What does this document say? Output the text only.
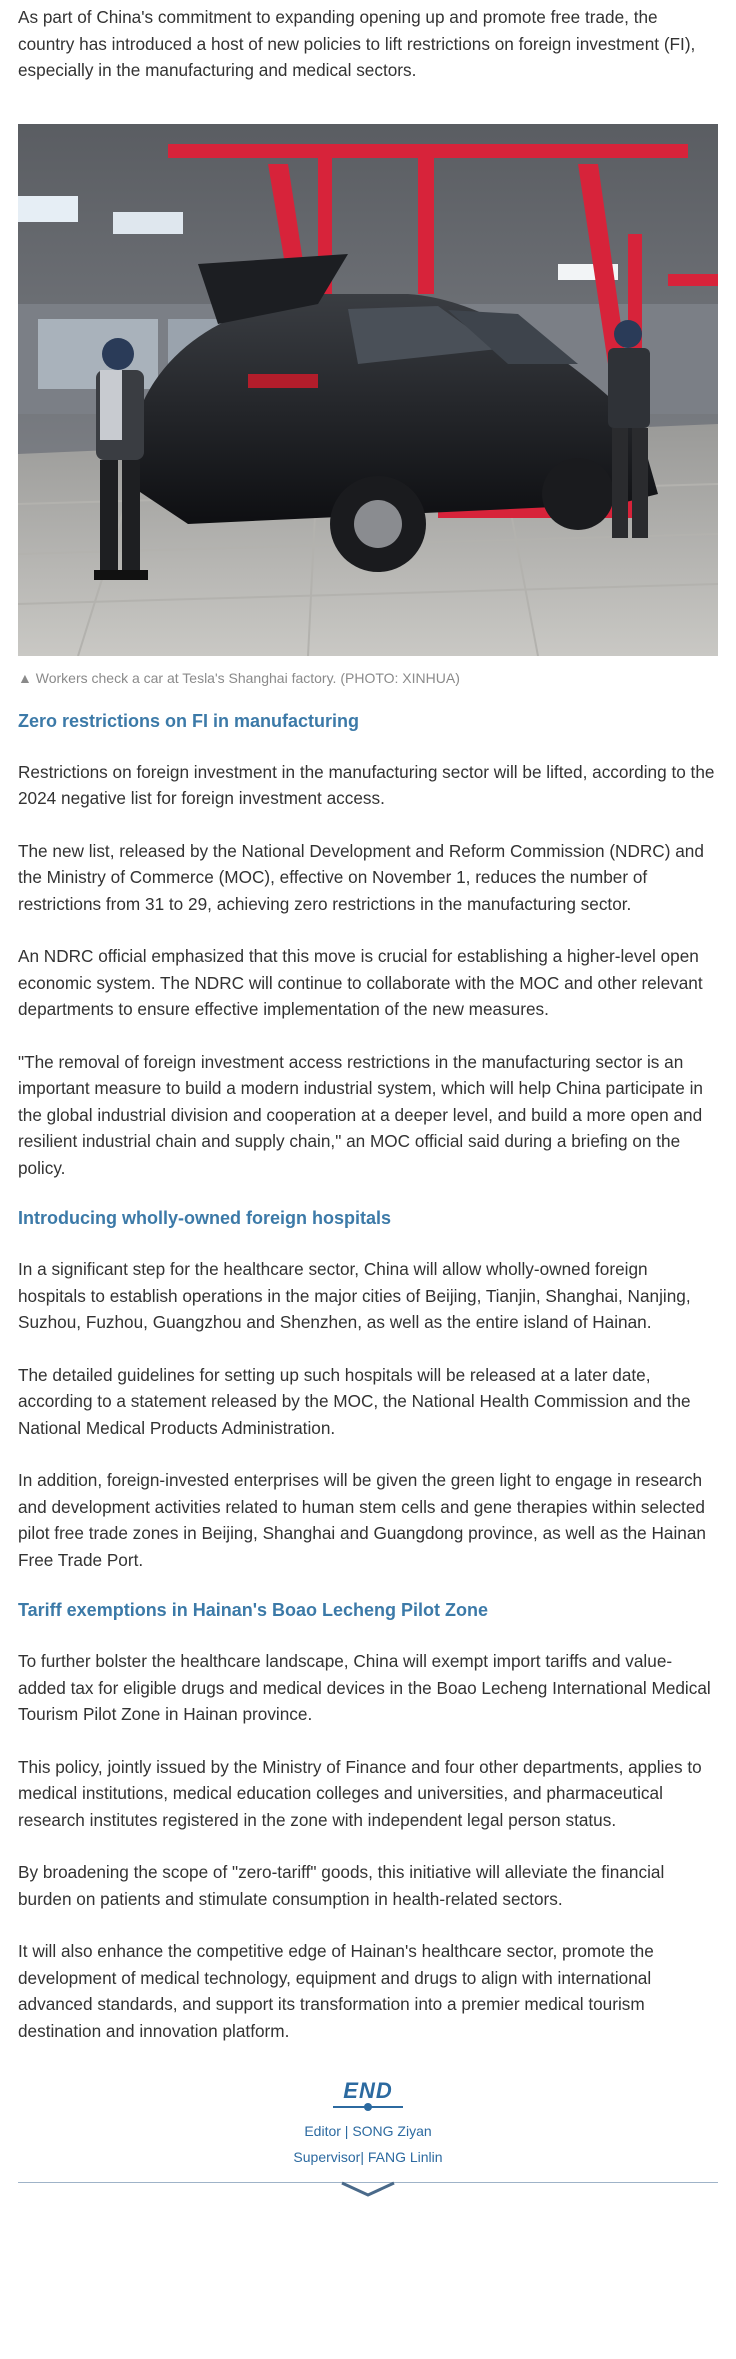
As part of China's commitment to expanding opening up and promote free trade, the country has introduced a host of new policies to lift restrictions on foreign investment (FI), especially in the manufacturing and medical sectors.

▲ Workers check a car at Tesla's Shanghai factory. (PHOTO: XINHUA)
Zero restrictions on FI in manufacturing

Restrictions on foreign investment in the manufacturing sector will be lifted, according to the 2024 negative list for foreign investment access.

The new list, released by the National Development and Reform Commission (NDRC) and the Ministry of Commerce (MOC), effective on November 1, reduces the number of restrictions from 31 to 29, achieving zero restrictions in the manufacturing sector.

An NDRC official emphasized that this move is crucial for establishing a higher-level open economic system. The NDRC will continue to collaborate with the MOC and other relevant departments to ensure effective implementation of the new measures.

"The removal of foreign investment access restrictions in the manufacturing sector is an important measure to build a modern industrial system, which will help China participate in the global industrial division and cooperation at a deeper level, and build a more open and resilient industrial chain and supply chain," an MOC official said during a briefing on the policy.

Introducing wholly-owned foreign hospitals

In a significant step for the healthcare sector, China will allow wholly-owned foreign hospitals to establish operations in the major cities of Beijing, Tianjin, Shanghai, Nanjing, Suzhou, Fuzhou, Guangzhou and Shenzhen, as well as the entire island of Hainan.

The detailed guidelines for setting up such hospitals will be released at a later date, according to a statement released by the MOC, the National Health Commission and the National Medical Products Administration.

In addition, foreign-invested enterprises will be given the green light to engage in research and development activities related to human stem cells and gene therapies within selected pilot free trade zones in Beijing, Shanghai and Guangdong province, as well as the Hainan Free Trade Port.

Tariff exemptions in Hainan's Boao Lecheng Pilot Zone

To further bolster the healthcare landscape, China will exempt import tariffs and value-added tax for eligible drugs and medical devices in the Boao Lecheng International Medical Tourism Pilot Zone in Hainan province.

This policy, jointly issued by the Ministry of Finance and four other departments, applies to medical institutions, medical education colleges and universities, and pharmaceutical research institutes registered in the zone with independent legal person status.

By broadening the scope of "zero-tariff" goods, this initiative will alleviate the financial burden on patients and stimulate consumption in health-related sectors.

It will also enhance the competitive edge of Hainan's healthcare sector, promote the development of medical technology, equipment and drugs to align with international advanced standards, and support its transformation into a premier medical tourism destination and innovation platform.

END
Editor | SONG Ziyan
Supervisor| FANG Linlin
